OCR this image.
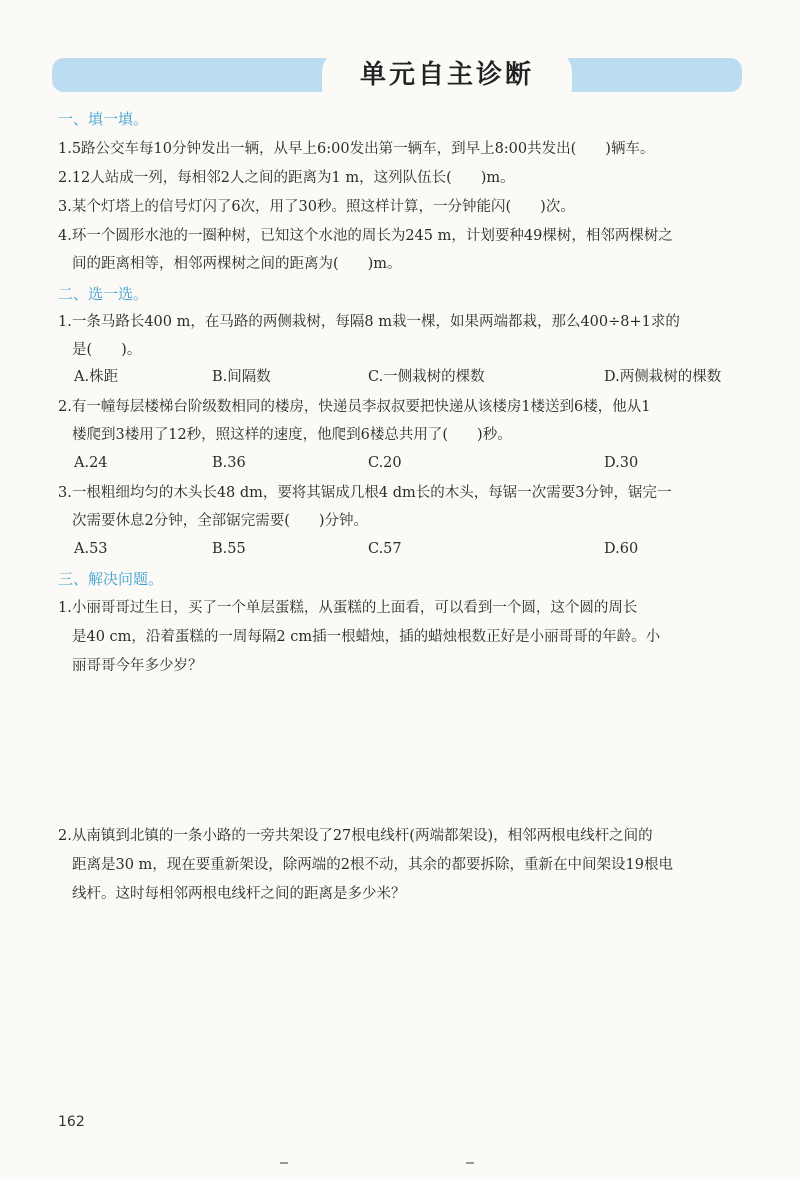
单元自主诊断
一、填一填。
1.5路公交车每10分钟发出一辆，从早上6:00发出第一辆车，到早上8:00共发出(　　)辆车。
2.12人站成一列，每相邻2人之间的距离为1 m，这列队伍长(　　)m。
3.某个灯塔上的信号灯闪了6次，用了30秒。照这样计算，一分钟能闪(　　)次。
4.环一个圆形水池的一圈种树，已知这个水池的周长为245 m，计划要种49棵树，相邻两棵树之
间的距离相等，相邻两棵树之间的距离为(　　)m。
二、选一选。
1.一条马路长400 m，在马路的两侧栽树，每隔8 m栽一棵，如果两端都栽，那么400÷8+1求的
是(　　)。
A.株距	B.间隔数	C.一侧栽树的棵数	D.两侧栽树的棵数
2.有一幢每层楼梯台阶级数相同的楼房，快递员李叔叔要把快递从该楼房1楼送到6楼，他从1
楼爬到3楼用了12秒，照这样的速度，他爬到6楼总共用了(　　)秒。
A.24	B.36	C.20	D.30
3.一根粗细均匀的木头长48 dm，要将其锯成几根4 dm长的木头，每锯一次需要3分钟，锯完一
次需要休息2分钟，全部锯完需要(　　)分钟。
A.53	B.55	C.57	D.60
三、解决问题。
1.小丽哥哥过生日，买了一个单层蛋糕，从蛋糕的上面看，可以看到一个圆，这个圆的周长
是40 cm，沿着蛋糕的一周每隔2 cm插一根蜡烛，插的蜡烛根数正好是小丽哥哥的年龄。小
丽哥哥今年多少岁？
2.从南镇到北镇的一条小路的一旁共架设了27根电线杆(两端都架设)，相邻两根电线杆之间的
距离是30 m，现在要重新架设，除两端的2根不动，其余的都要拆除，重新在中间架设19根电
线杆。这时每相邻两根电线杆之间的距离是多少米？
162
